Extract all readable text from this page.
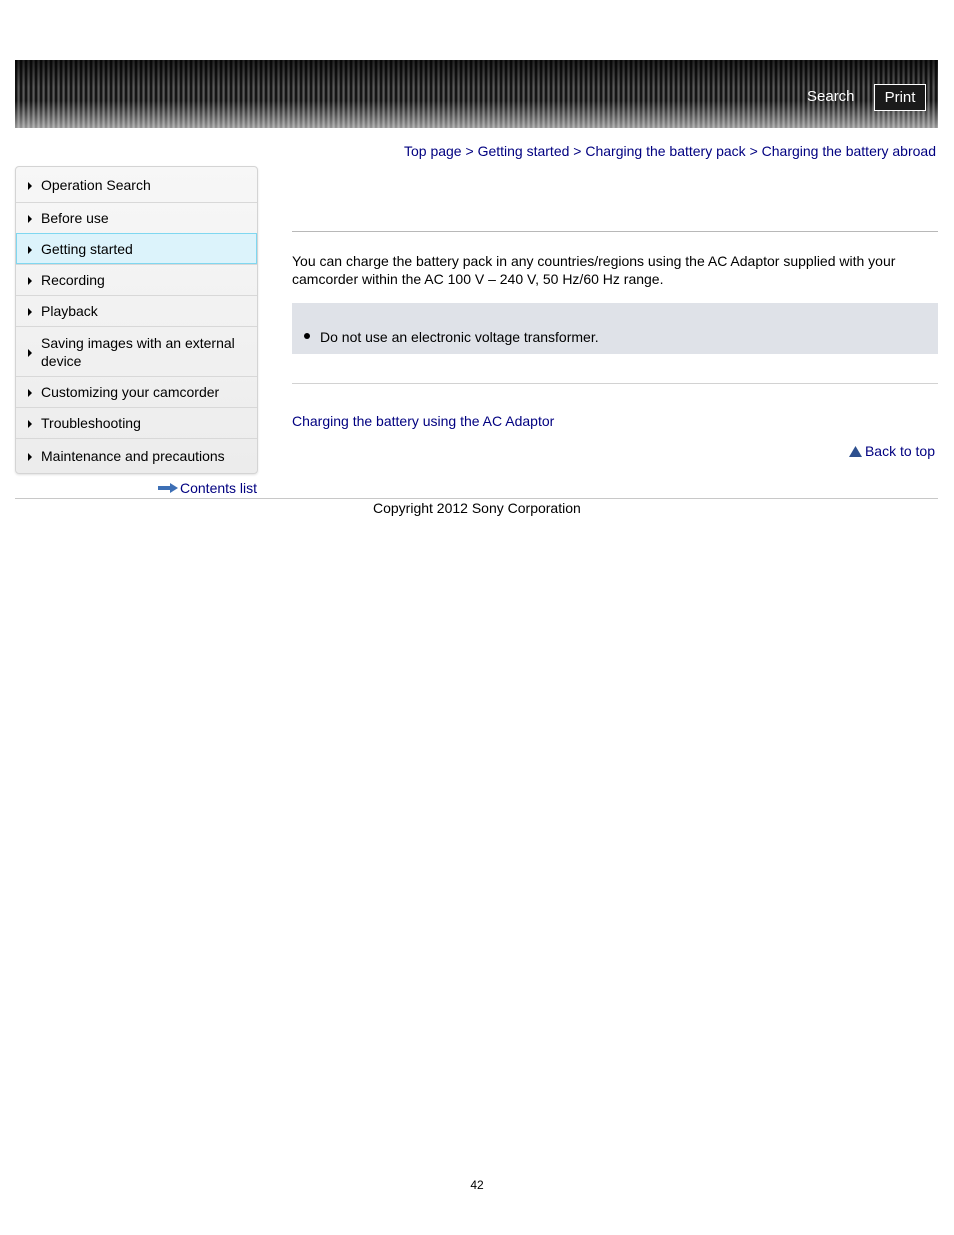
Search	Print
Top page > Getting started > Charging the battery pack > Charging the battery abroad
Operation Search
Before use
Getting started
Recording
Playback
Saving images with an external device
Customizing your camcorder
Troubleshooting
Maintenance and precautions
Contents list

You can charge the battery pack in any countries/regions using the AC Adaptor supplied with your camcorder within the AC 100 V – 240 V, 50 Hz/60 Hz range.

Do not use an electronic voltage transformer.
Charging the battery using the AC Adaptor
Back to top
Copyright 2012 Sony Corporation
42
